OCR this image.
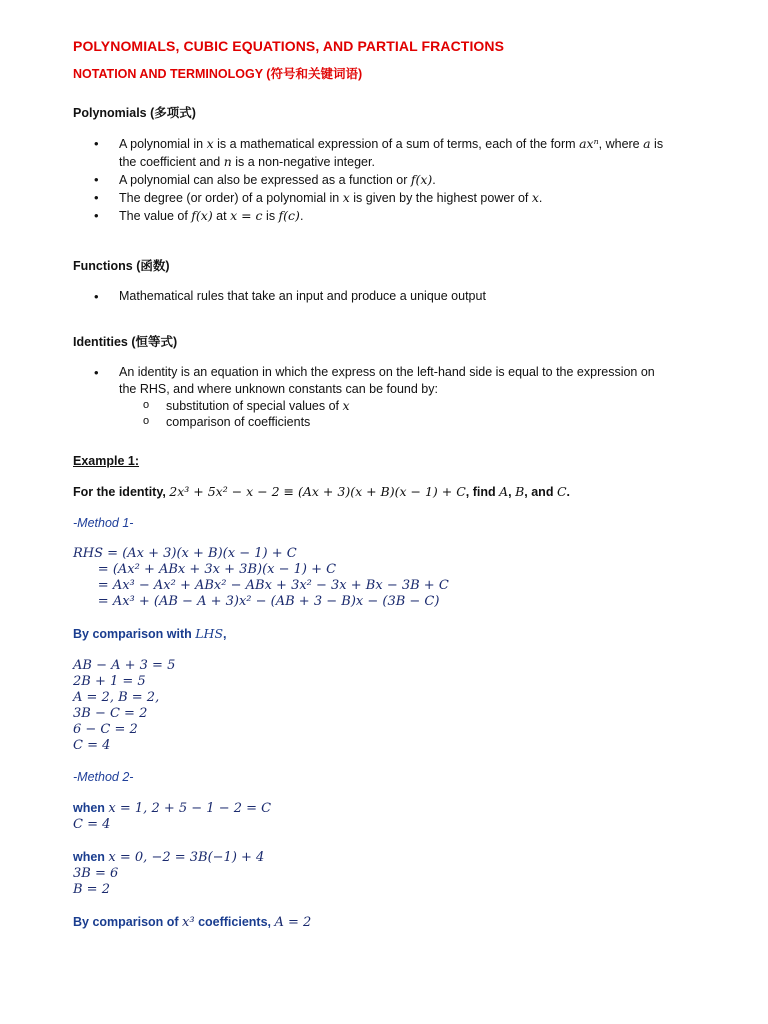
POLYNOMIALS, CUBIC EQUATIONS, AND PARTIAL FRACTIONS
NOTATION AND TERMINOLOGY (符号和关键词语)
Polynomials (多项式)
• A polynomial in x is a mathematical expression of a sum of terms, each of the form axⁿ, where a is
the coefficient and n is a non-negative integer.
• A polynomial can also be expressed as a function or f(x).
• The degree (or order) of a polynomial in x is given by the highest power of x.
• The value of f(x) at x = c is f(c).
Functions (函数)
• Mathematical rules that take an input and produce a unique output
Identities (恒等式)
• An identity is an equation in which the express on the left-hand side is equal to the expression on
the RHS, and where unknown constants can be found by:
o substitution of special values of x
o comparison of coefficients
Example 1:
For the identity, 2x³ + 5x² − x − 2 ≡ (Ax + 3)(x + B)(x − 1) + C, find A, B, and C.
-Method 1-
RHS = (Ax + 3)(x + B)(x − 1) + C
= (Ax² + ABx + 3x + 3B)(x − 1) + C
= Ax³ − Ax² + ABx² − ABx + 3x² − 3x + Bx − 3B + C
= Ax³ + (AB − A + 3)x² − (AB + 3 − B)x − (3B − C)
By comparison with LHS,
AB − A + 3 = 5
2B + 1 = 5
A = 2, B = 2,
3B − C = 2
6 − C = 2
C = 4
-Method 2-
when x = 1, 2 + 5 − 1 − 2 = C
C = 4
when x = 0, −2 = 3B(−1) + 4
3B = 6
B = 2
By comparison of x³ coefficients, A = 2
